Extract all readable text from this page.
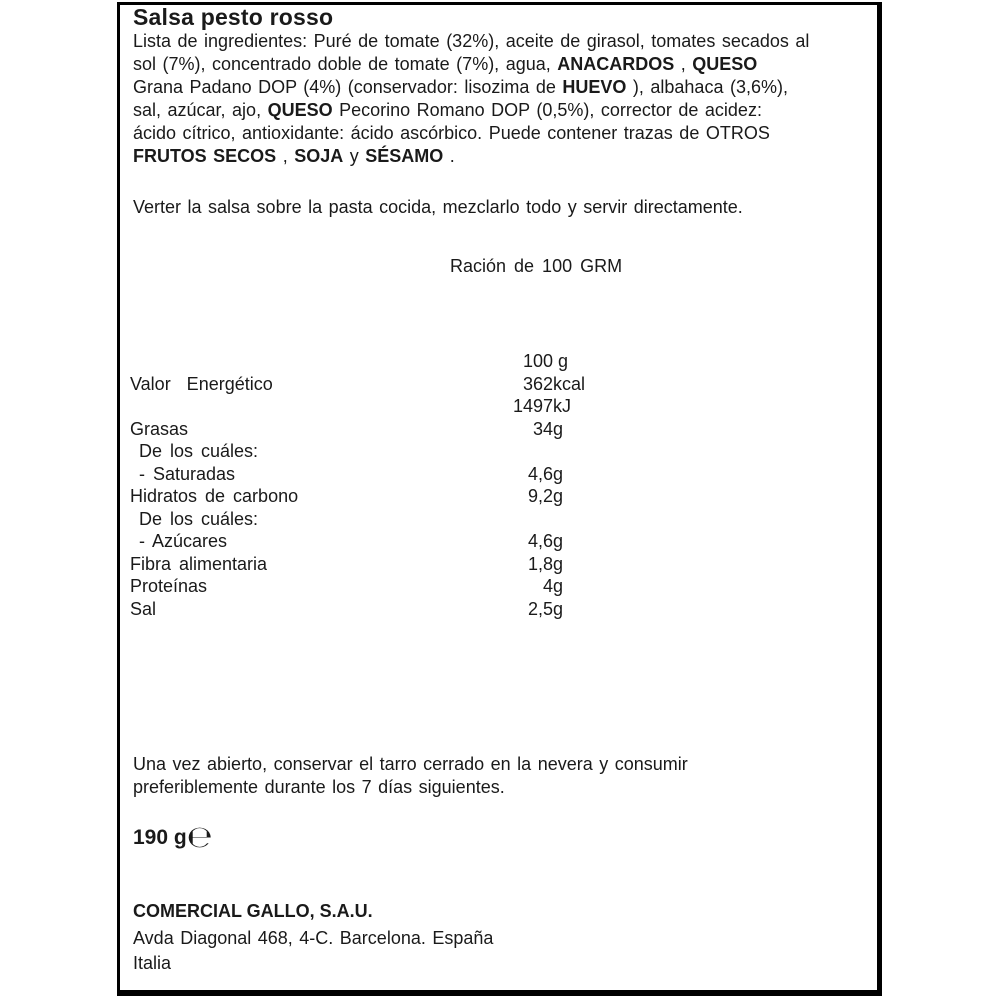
Salsa pesto rosso
Lista de ingredientes: Puré de tomate (32%), aceite de girasol, tomates secados al
sol (7%), concentrado doble de tomate (7%), agua, ANACARDOS , QUESO
Grana Padano DOP (4%) (conservador: lisozima de HUEVO ), albahaca (3,6%),
sal, azúcar, ajo, QUESO Pecorino Romano DOP (0,5%), corrector de acidez:
ácido cítrico, antioxidante: ácido ascórbico. Puede contener trazas de OTROS
FRUTOS SECOS , SOJA y SÉSAMO .
Verter la salsa sobre la pasta cocida, mezclarlo todo y servir directamente.
Ración de 100 GRM
100 g
Valor  Energético	362 kcal
1497 kJ
Grasas	34 g
De los cuáles:
- Saturadas	4,6 g
Hidratos de carbono	9,2 g
De los cuáles:
- Azúcares	4,6 g
Fibra alimentaria	1,8 g
Proteínas	4 g
Sal	2,5 g
Una vez abierto, conservar el tarro cerrado en la nevera y consumir
preferiblemente durante los 7 días siguientes.
190 g℮
COMERCIAL GALLO, S.A.U.
Avda Diagonal 468, 4-C. Barcelona. España
Italia
